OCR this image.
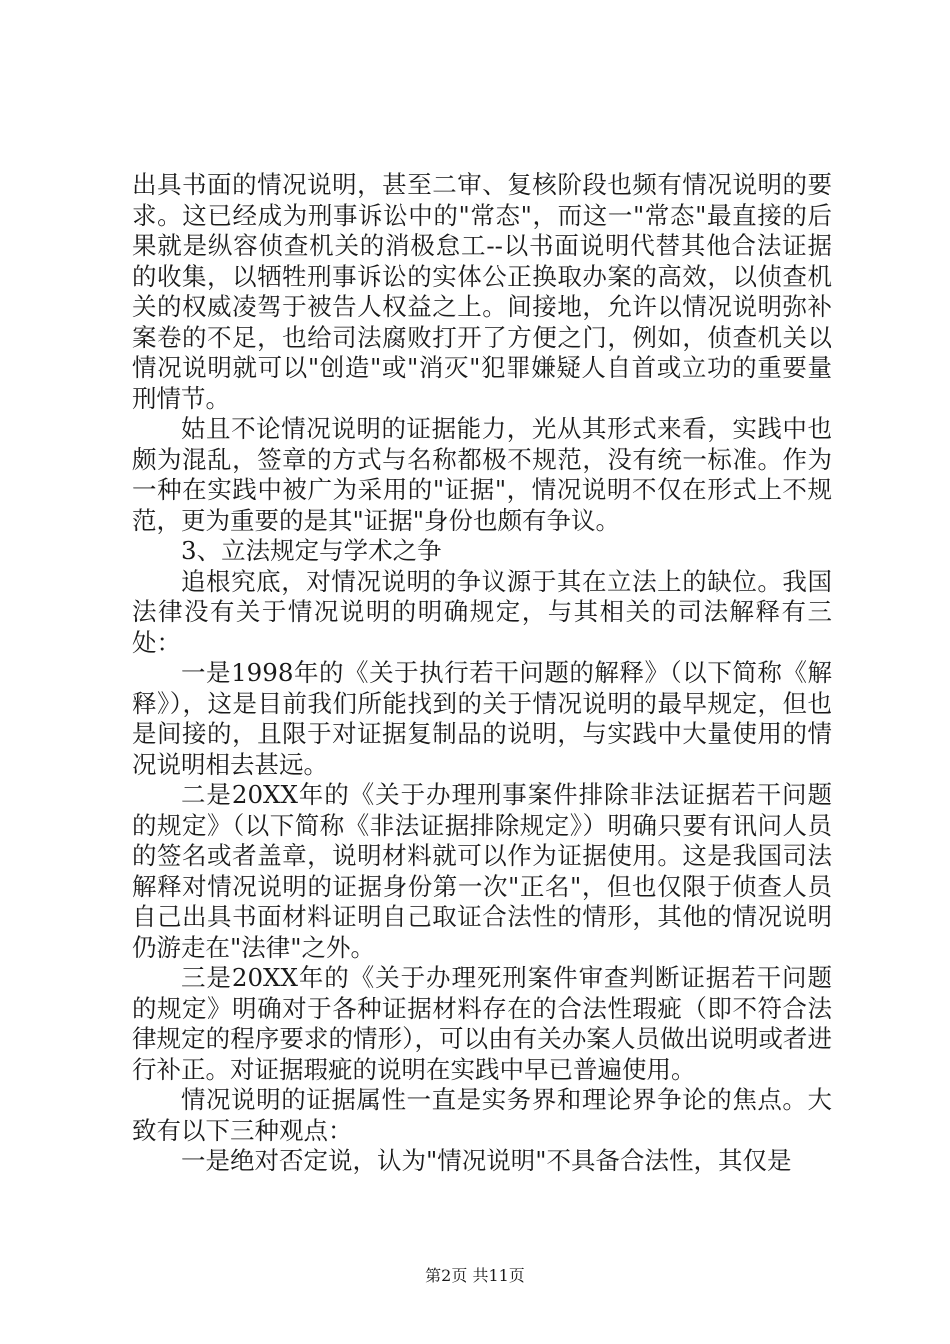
出具书面的情况说明，甚至二审、复核阶段也频有情况说明的要求。这已经成为刑事诉讼中的"常态"，而这一"常态"最直接的后果就是纵容侦查机关的消极怠工--以书面说明代替其他合法证据的收集，以牺牲刑事诉讼的实体公正换取办案的高效，以侦查机关的权威凌驾于被告人权益之上。间接地，允许以情况说明弥补案卷的不足，也给司法腐败打开了方便之门，例如，侦查机关以情况说明就可以"创造"或"消灭"犯罪嫌疑人自首或立功的重要量刑情节。

姑且不论情况说明的证据能力，光从其形式来看，实践中也颇为混乱，签章的方式与名称都极不规范，没有统一标准。作为一种在实践中被广为采用的"证据"，情况说明不仅在形式上不规范，更为重要的是其"证据"身份也颇有争议。

3、立法规定与学术之争

追根究底，对情况说明的争议源于其在立法上的缺位。我国法律没有关于情况说明的明确规定，与其相关的司法解释有三处：

一是1998年的《关于执行若干问题的解释》（以下简称《解释》），这是目前我们所能找到的关于情况说明的最早规定，但也是间接的，且限于对证据复制品的说明，与实践中大量使用的情况说明相去甚远。

二是20XX年的《关于办理刑事案件排除非法证据若干问题的规定》（以下简称《非法证据排除规定》）明确只要有讯问人员的签名或者盖章，说明材料就可以作为证据使用。这是我国司法解释对情况说明的证据身份第一次"正名"，但也仅限于侦查人员自己出具书面材料证明自己取证合法性的情形，其他的情况说明仍游走在"法律"之外。

三是20XX年的《关于办理死刑案件审查判断证据若干问题的规定》明确对于各种证据材料存在的合法性瑕疵（即不符合法律规定的程序要求的情形），可以由有关办案人员做出说明或者进行补正。对证据瑕疵的说明在实践中早已普遍使用。

情况说明的证据属性一直是实务界和理论界争论的焦点。大致有以下三种观点：

一是绝对否定说，认为"情况说明"不具备合法性，其仅是

第2页 共11页
